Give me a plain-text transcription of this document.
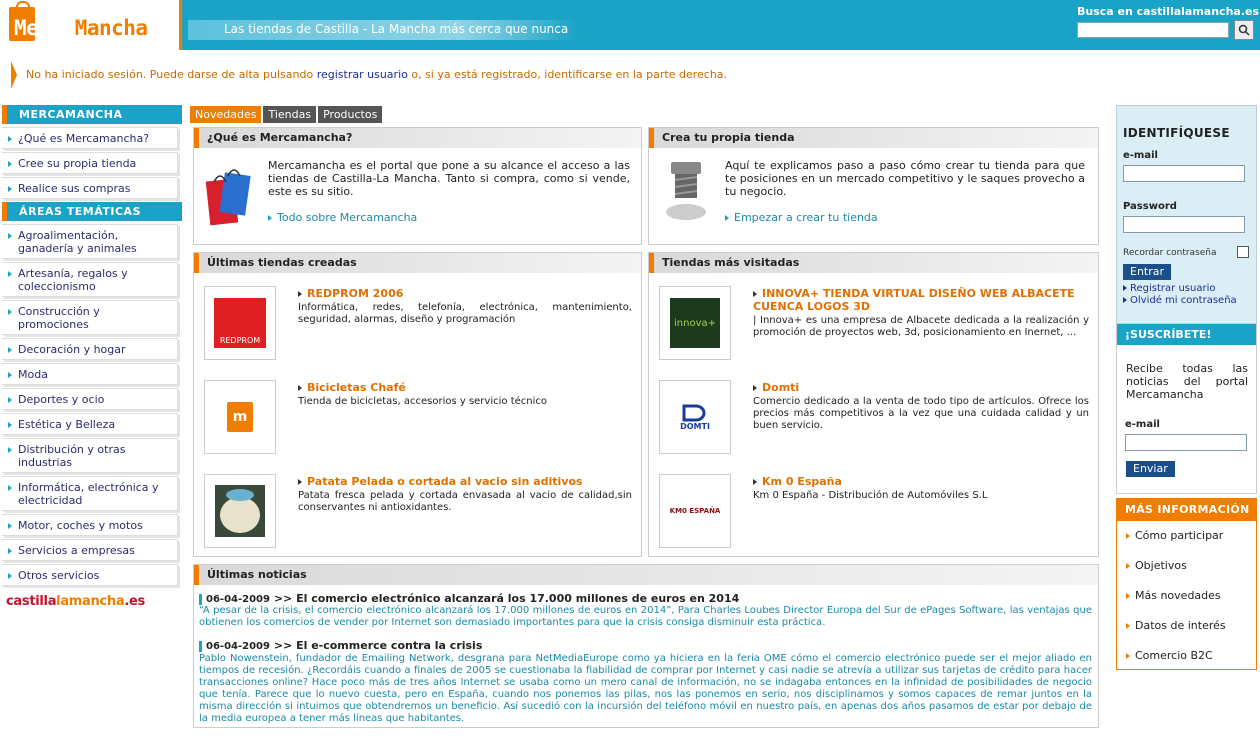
MercaMancha	Las tiendas de Castilla - La Mancha más cerca que nunca
Busca en castillalamancha.es
No ha iniciado sesión. Puede darse de alta pulsando registrar usuario o, si ya está registrado, identificarse en la parte derecha.
MERCAMANCHA
¿Qué es Mercamancha?
Cree su propia tienda
Realice sus compras
ÁREAS TEMÁTICAS
Agroalimentación, ganadería y animales
Artesanía, regalos y coleccionismo
Construcción y promociones
Decoración y hogar
Moda
Deportes y ocio
Estética y Belleza
Distribución y otras industrias
Informática, electrónica y electricidad
Motor, coches y motos
Servicios a empresas
Otros servicios
castillalamancha.es
Novedades	Tiendas	Productos
¿Qué es Mercamancha?
Mercamancha es el portal que pone a su alcance el acceso a las tiendas de Castilla-La Mancha. Tanto si compra, como si vende, este es su sitio.
Todo sobre Mercamancha
Crea tu propia tienda
Aquí te explicamos paso a paso cómo crear tu tienda para que te posiciones en un mercado competitivo y le saques provecho a tu negocio.
Empezar a crear tu tienda
Últimas tiendas creadas
REDPROM
REDPROM 2006
Informática, redes, telefonía, electrónica, mantenimiento, seguridad, alarmas, diseño y programación
m
Bicicletas Chafé
Tienda de bicicletas, accesorios y servicio técnico
Patata Pelada o cortada al vacio sin aditivos
Patata fresca pelada y cortada envasada al vacio de calidad,sin conservantes ni antioxidantes.
Tiendas más visitadas
innova+
INNOVA+ TIENDA VIRTUAL DISEÑO WEB ALBACETE CUENCA LOGOS 3D
| Innova+ es una empresa de Albacete dedicada a la realización y promoción de proyectos web, 3d, posicionamiento en Inernet, ...
DOMTI
Domti
Comercio dedicado a la venta de todo tipo de artículos. Ofrece los precios más competitivos a la vez que una cuidada calidad y un buen servicio.
KM0 ESPAÑA
Km 0 España
Km 0 España - Distribución de Automóviles S.L
Últimas noticias
06-04-2009 >> El comercio electrónico alcanzará los 17.000 millones de euros en 2014
“A pesar de la crisis, el comercio electrónico alcanzará los 17.000 millones de euros en 2014”, Para Charles Loubes Director Europa del Sur de ePages Software, las ventajas que obtienen los comercios de vender por Internet son demasiado importantes para que la crisis consiga disminuir esta práctica.
06-04-2009 >> El e-commerce contra la crisis
Pablo Nowenstein, fundador de Emailing Network, desgrana para NetMediaEurope como ya hiciera en la feria OME cómo el comercio electrónico puede ser el mejor aliado en tiempos de recesión. ¿Recordáis cuando a finales de 2005 se cuestionaba la fiabilidad de comprar por Internet y casi nadie se atrevía a utilizar sus tarjetas de crédito para hacer transacciones online? Hace poco más de tres años Internet se usaba como un mero canal de información, no se indagaba entonces en la infinidad de posibilidades de negocio que tenía. Parece que lo nuevo cuesta, pero en España, cuando nos ponemos las pilas, nos las ponemos en serio, nos disciplinamos y somos capaces de remar juntos en la misma dirección si intuimos que obtendremos un beneficio. Así sucedió con la incursión del teléfono móvil en nuestro país, en apenas dos años pasamos de estar por debajo de la media europea a tener más líneas que habitantes.
IDENTIFÍQUESE
e-mail
Password
Recordar contraseña
Entrar
Registrar usuario
Olvidé mi contraseña
¡SUSCRÍBETE!
Recibe todas las noticias del portal Mercamancha
e-mail
Enviar
MÁS INFORMACIÓN
Cómo participar
Objetivos
Más novedades
Datos de interés
Comercio B2C
